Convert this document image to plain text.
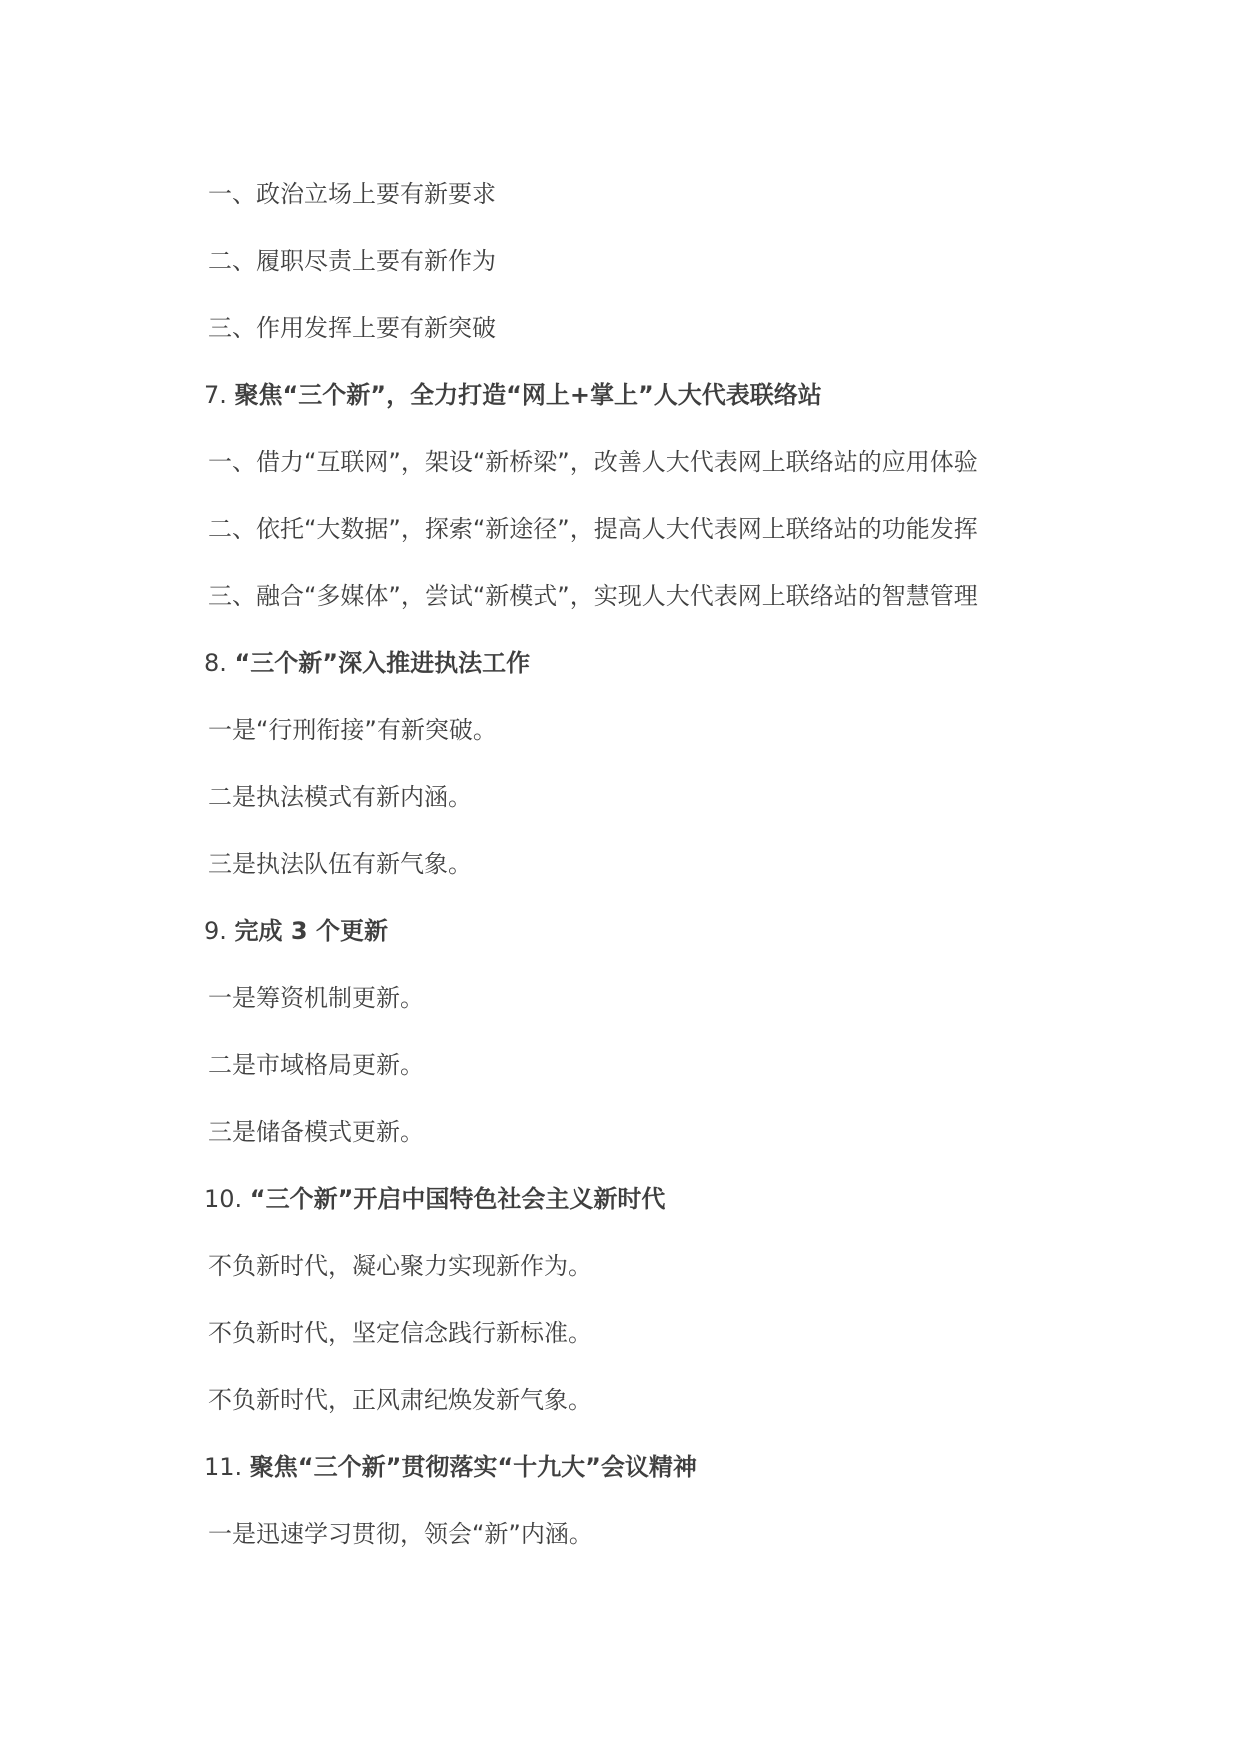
一、政治立场上要有新要求
二、履职尽责上要有新作为
三、作用发挥上要有新突破
7. 聚焦“三个新”，全力打造“网上+掌上”人大代表联络站
一、借力“互联网”，架设“新桥梁”，改善人大代表网上联络站的应用体验
二、依托“大数据”，探索“新途径”，提高人大代表网上联络站的功能发挥
三、融合“多媒体”，尝试“新模式”，实现人大代表网上联络站的智慧管理
8. “三个新”深入推进执法工作
一是“行刑衔接”有新突破。
二是执法模式有新内涵。
三是执法队伍有新气象。
9. 完成 3 个更新
一是筹资机制更新。
二是市域格局更新。
三是储备模式更新。
10. “三个新”开启中国特色社会主义新时代
不负新时代，凝心聚力实现新作为。
不负新时代，坚定信念践行新标准。
不负新时代，正风肃纪焕发新气象。
11. 聚焦“三个新”贯彻落实“十九大”会议精神
一是迅速学习贯彻，领会“新”内涵。
